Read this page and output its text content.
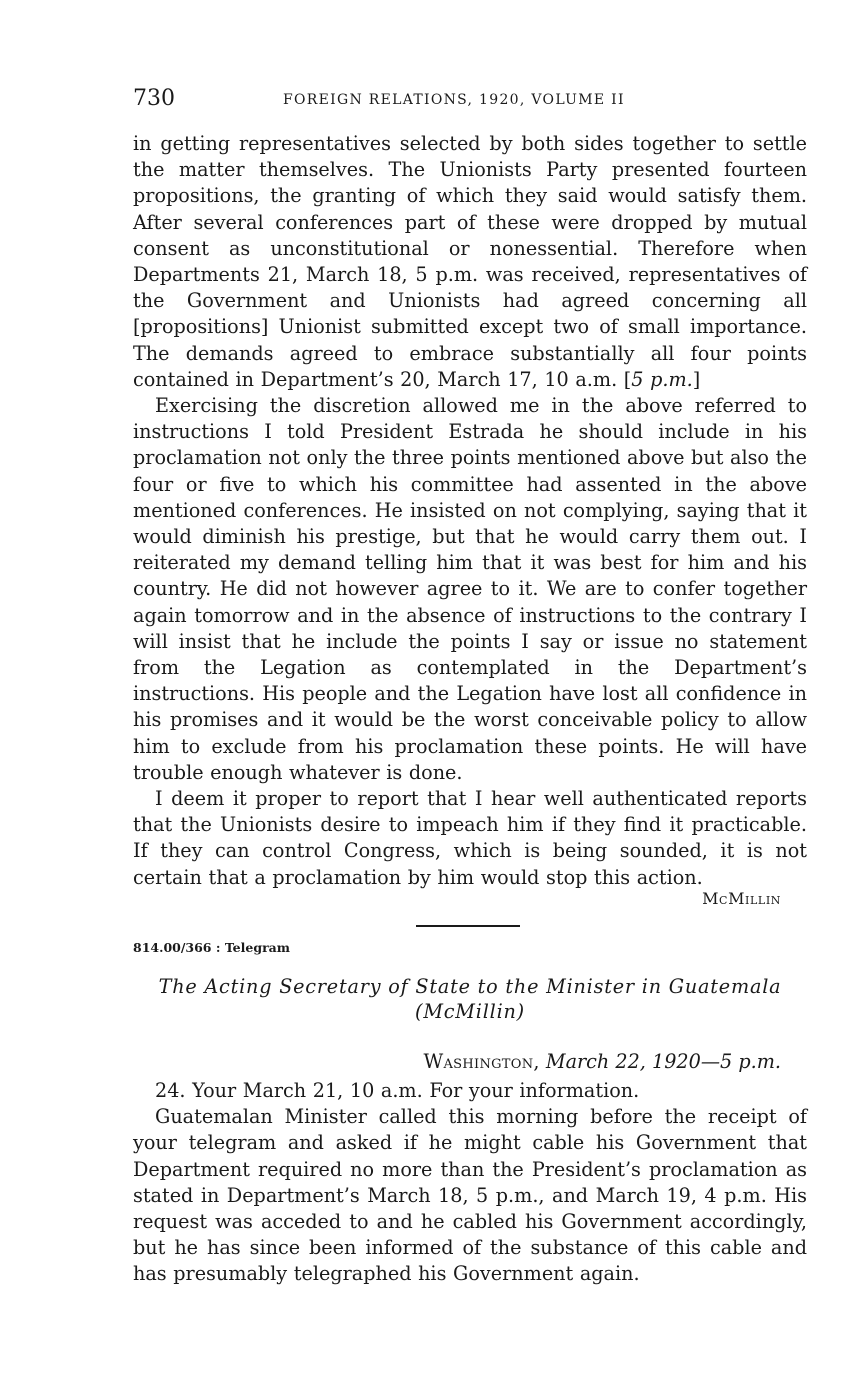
730	FOREIGN RELATIONS, 1920, VOLUME II

in getting representatives selected by both sides together to settle the matter themselves. The Unionists Party presented fourteen propositions, the granting of which they said would satisfy them. After several conferences part of these were dropped by mutual consent as unconstitutional or nonessential. Therefore when Departments 21, March 18, 5 p.m. was received, representatives of the Government and Unionists had agreed concerning all [propositions] Unionist submitted except two of small importance. The demands agreed to embrace substantially all four points contained in Department’s 20, March 17, 10 a.m. [5 p.m.]

Exercising the discretion allowed me in the above referred to instructions I told President Estrada he should include in his proclamation not only the three points mentioned above but also the four or five to which his committee had assented in the above mentioned conferences. He insisted on not complying, saying that it would diminish his prestige, but that he would carry them out. I reiterated my demand telling him that it was best for him and his country. He did not however agree to it. We are to confer together again tomorrow and in the absence of instructions to the contrary I will insist that he include the points I say or issue no statement from the Legation as contemplated in the Department’s instructions. His people and the Legation have lost all confidence in his promises and it would be the worst conceivable policy to allow him to exclude from his proclamation these points. He will have trouble enough whatever is done.

I deem it proper to report that I hear well authenticated reports that the Unionists desire to impeach him if they find it practicable. If they can control Congress, which is being sounded, it is not certain that a proclamation by him would stop this action.

McMillin
814.00/366 : Telegram
The Acting Secretary of State to the Minister in Guatemala
(McMillin)
Washington, March 22, 1920—5 p.m.

24. Your March 21, 10 a.m. For your information.

Guatemalan Minister called this morning before the receipt of your telegram and asked if he might cable his Government that Department required no more than the President’s proclamation as stated in Department’s March 18, 5 p.m., and March 19, 4 p.m. His request was acceded to and he cabled his Government accordingly, but he has since been informed of the substance of this cable and has presumably telegraphed his Government again.
